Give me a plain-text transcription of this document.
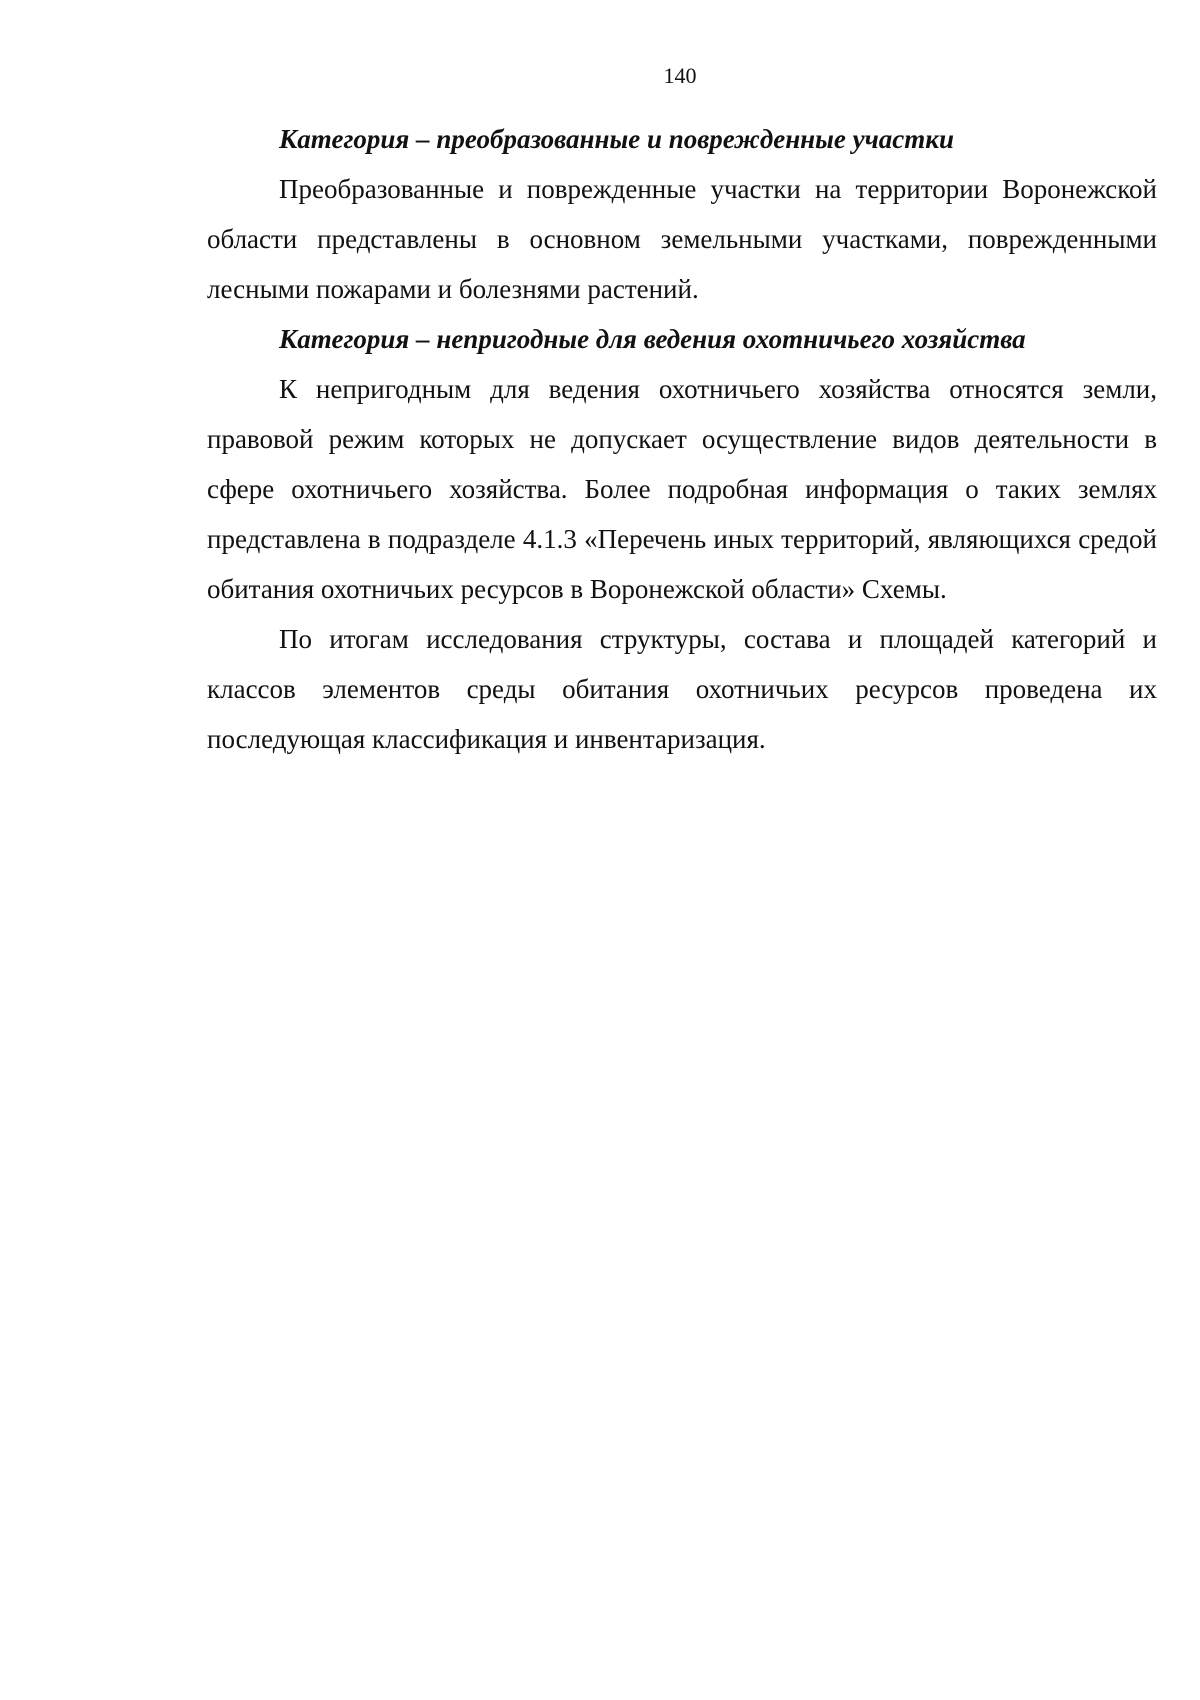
140

Категория – преобразованные и поврежденные участки

Преобразованные и поврежденные участки на территории Воронежской области представлены в основном земельными участками, поврежденными лесными пожарами и болезнями растений.

Категория – непригодные для ведения охотничьего хозяйства

К непригодным для ведения охотничьего хозяйства относятся земли, правовой режим которых не допускает осуществление видов деятельности в сфере охотничьего хозяйства. Более подробная информация о таких землях представлена в подразделе 4.1.3 «Перечень иных территорий, являющихся средой обитания охотничьих ресурсов в Воронежской области» Схемы.

По итогам исследования структуры, состава и площадей категорий и классов элементов среды обитания охотничьих ресурсов проведена их последующая классификация и инвентаризация.
